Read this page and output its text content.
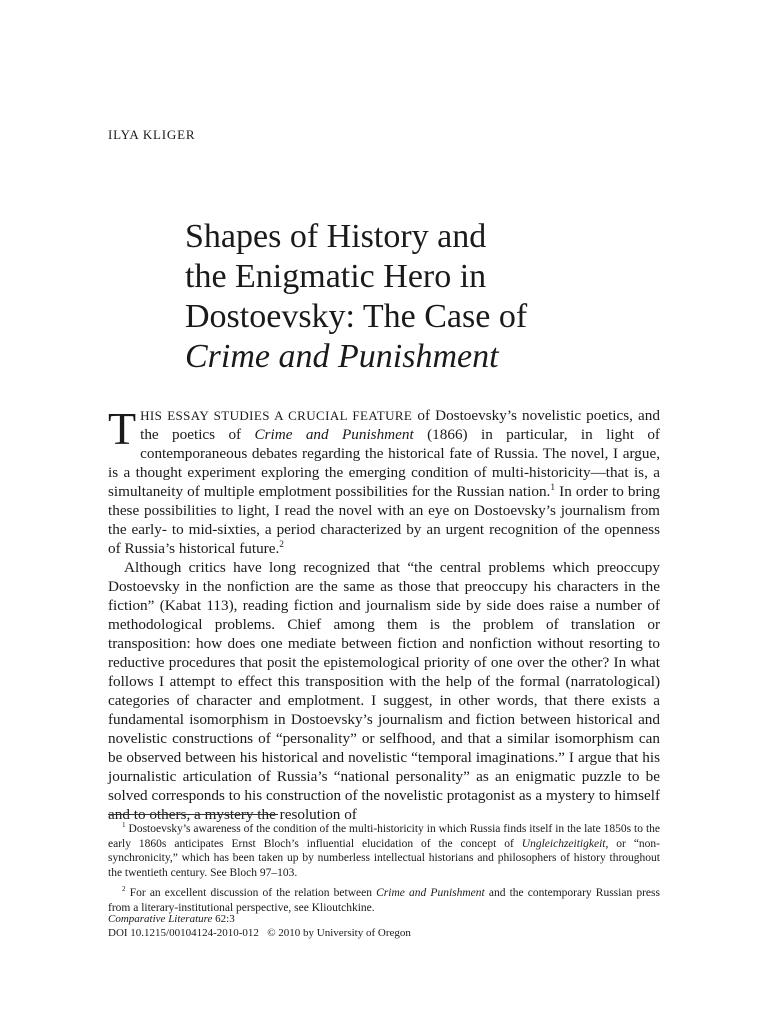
ILYA KLIGER
Shapes of History and
the Enigmatic Hero in
Dostoevsky: The Case of
Crime and Punishment

THIS ESSAY STUDIES A CRUCIAL FEATURE of Dostoevsky’s novelistic poetics, and the poetics of Crime and Punishment (1866) in particular, in light of contemporaneous debates regarding the historical fate of Russia. The novel, I argue, is a thought experiment exploring the emerging condition of multi-historicity—that is, a simultaneity of multiple emplotment possibilities for the Russian nation.$^1$ In order to bring these possibilities to light, I read the novel with an eye on Dostoevsky’s journalism from the early- to mid-sixties, a period characterized by an urgent recognition of the openness of Russia’s historical future.$^2$

Although critics have long recognized that “the central problems which preoccupy Dostoevsky in the nonfiction are the same as those that preoccupy his characters in the fiction” (Kabat 113), reading fiction and journalism side by side does raise a number of methodological problems. Chief among them is the problem of translation or transposition: how does one mediate between fiction and nonfiction without resorting to reductive procedures that posit the epistemological priority of one over the other? In what follows I attempt to effect this transposition with the help of the formal (narratological) categories of character and emplotment. I suggest, in other words, that there exists a fundamental isomorphism in Dostoevsky’s journalism and fiction between historical and novelistic constructions of “personality” or selfhood, and that a similar isomorphism can be observed between his historical and novelistic “temporal imaginations.” I argue that his journalistic articulation of Russia’s “national personality” as an enigmatic puzzle to be solved corresponds to his construction of the novelistic protagonist as a mystery to himself and to others, a mystery the resolution of

$^1$ Dostoevsky’s awareness of the condition of the multi-historicity in which Russia finds itself in the late 1850s to the early 1860s anticipates Ernst Bloch’s influential elucidation of the concept of Ungleichzeitigkeit, or “non-synchronicity,” which has been taken up by numberless intellectual historians and philosophers of history throughout the twentieth century. See Bloch 97–103.

$^2$ For an excellent discussion of the relation between Crime and Punishment and the contemporary Russian press from a literary-institutional perspective, see Klioutchkine.

Comparative Literature 62:3
DOI 10.1215/00104124-2010-012 © 2010 by University of Oregon
